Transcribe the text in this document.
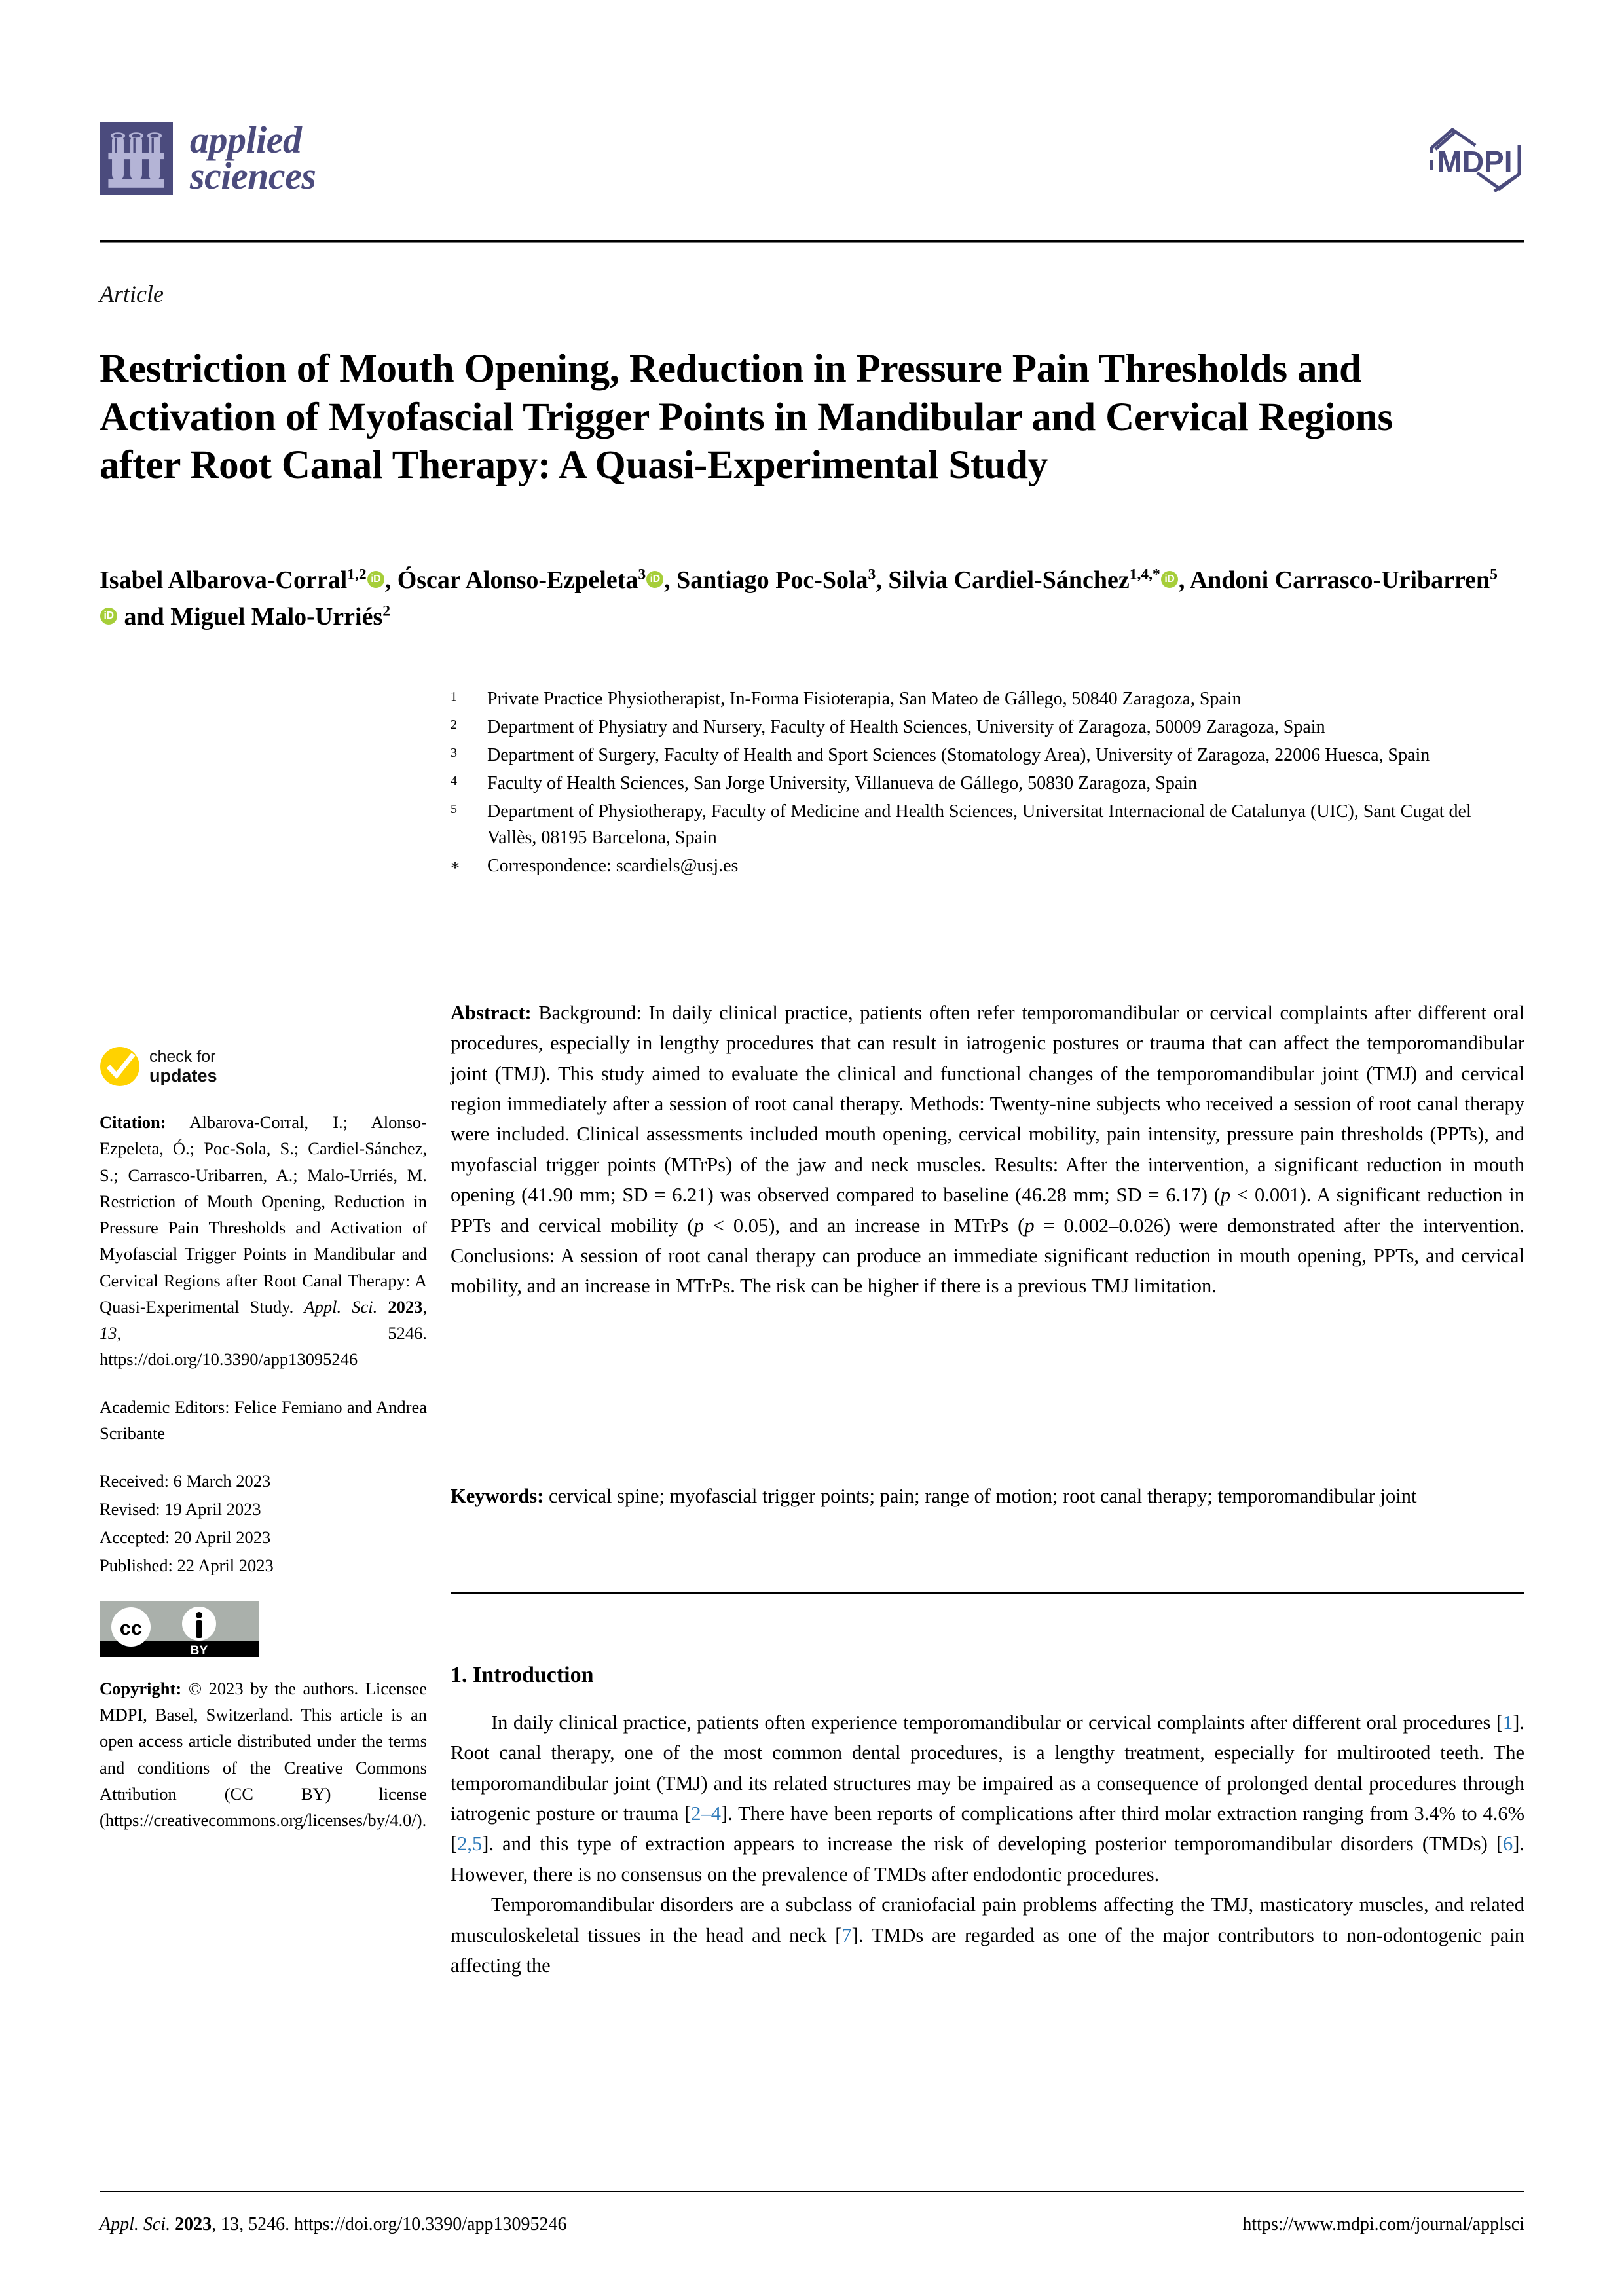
applied
sciences	MDPI
Article
Restriction of Mouth Opening, Reduction in Pressure Pain Thresholds and Activation of Myofascial Trigger Points in Mandibular and Cervical Regions after Root Canal Therapy: A Quasi-Experimental Study
Isabel Albarova-Corral$^{1,2}$ iD , Óscar Alonso-Ezpeleta$^3$ iD , Santiago Poc-Sola$^3$, Silvia Cardiel-Sánchez$^{1,4,*}$ iD , Andoni Carrasco-Uribarren$^5$iD and Miguel Malo-Urriés$^2$
1	Private Practice Physiotherapist, In-Forma Fisioterapia, San Mateo de Gállego, 50840 Zaragoza, Spain
2	Department of Physiatry and Nursery, Faculty of Health Sciences, University of Zaragoza, 50009 Zaragoza, Spain
3	Department of Surgery, Faculty of Health and Sport Sciences (Stomatology Area), University of Zaragoza, 22006 Huesca, Spain
4	Faculty of Health Sciences, San Jorge University, Villanueva de Gállego, 50830 Zaragoza, Spain
5	Department of Physiotherapy, Faculty of Medicine and Health Sciences, Universitat Internacional de Catalunya (UIC), Sant Cugat del Vallès, 08195 Barcelona, Spain
*	Correspondence: scardiels@usj.es
check for
updates
Citation: Albarova-Corral, I.; Alonso-Ezpeleta, Ó.; Poc-Sola, S.; Cardiel-Sánchez, S.; Carrasco-Uribarren, A.; Malo-Urriés, M. Restriction of Mouth Opening, Reduction in Pressure Pain Thresholds and Activation of Myofascial Trigger Points in Mandibular and Cervical Regions after Root Canal Therapy: A Quasi-Experimental Study. Appl. Sci. 2023, 13, 5246. https://doi.org/10.3390/app13095246
Academic Editors: Felice Femiano and Andrea Scribante
Received: 6 March 2023
Revised: 19 April 2023
Accepted: 20 April 2023
Published: 22 April 2023
cc
BY
Copyright: © 2023 by the authors. Licensee MDPI, Basel, Switzerland. This article is an open access article distributed under the terms and conditions of the Creative Commons Attribution (CC BY) license (https://creativecommons.org/licenses/by/4.0/).
Abstract: Background: In daily clinical practice, patients often refer temporomandibular or cervical complaints after different oral procedures, especially in lengthy procedures that can result in iatrogenic postures or trauma that can affect the temporomandibular joint (TMJ). This study aimed to evaluate the clinical and functional changes of the temporomandibular joint (TMJ) and cervical region immediately after a session of root canal therapy. Methods: Twenty-nine subjects who received a session of root canal therapy were included. Clinical assessments included mouth opening, cervical mobility, pain intensity, pressure pain thresholds (PPTs), and myofascial trigger points (MTrPs) of the jaw and neck muscles. Results: After the intervention, a significant reduction in mouth opening (41.90 mm; SD = 6.21) was observed compared to baseline (46.28 mm; SD = 6.17) (p < 0.001). A significant reduction in PPTs and cervical mobility (p < 0.05), and an increase in MTrPs (p = 0.002–0.026) were demonstrated after the intervention. Conclusions: A session of root canal therapy can produce an immediate significant reduction in mouth opening, PPTs, and cervical mobility, and an increase in MTrPs. The risk can be higher if there is a previous TMJ limitation.
Keywords: cervical spine; myofascial trigger points; pain; range of motion; root canal therapy; temporomandibular joint
1. Introduction

In daily clinical practice, patients often experience temporomandibular or cervical complaints after different oral procedures [1]. Root canal therapy, one of the most common dental procedures, is a lengthy treatment, especially for multirooted teeth. The temporomandibular joint (TMJ) and its related structures may be impaired as a consequence of prolonged dental procedures through iatrogenic posture or trauma [2–4]. There have been reports of complications after third molar extraction ranging from 3.4% to 4.6% [2,5]. and this type of extraction appears to increase the risk of developing posterior temporomandibular disorders (TMDs) [6]. However, there is no consensus on the prevalence of TMDs after endodontic procedures.

Temporomandibular disorders are a subclass of craniofacial pain problems affecting the TMJ, masticatory muscles, and related musculoskeletal tissues in the head and neck [7]. TMDs are regarded as one of the major contributors to non-odontogenic pain affecting the

Appl. Sci. 2023, 13, 5246. https://doi.org/10.3390/app13095246	https://www.mdpi.com/journal/applsci
